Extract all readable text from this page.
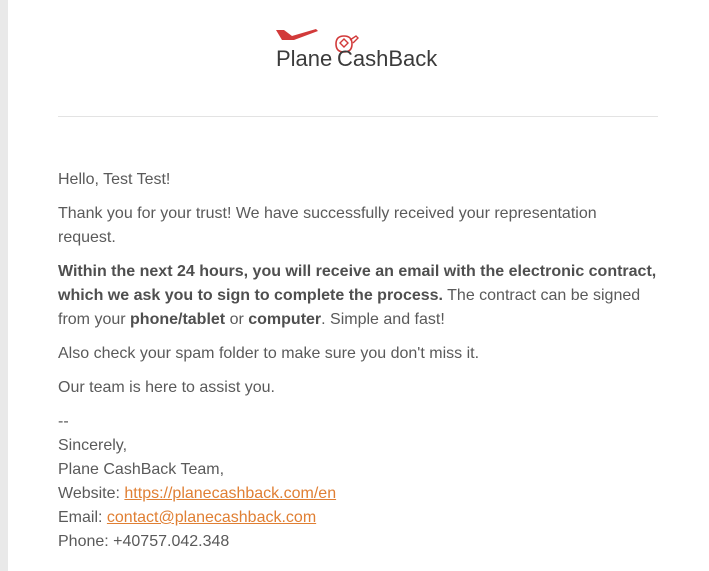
Plane CashBack

Hello, Test Test!

Thank you for your trust! We have successfully received your representation request.

Within the next 24 hours, you will receive an email with the electronic contract, which we ask you to sign to complete the process. The contract can be signed from your phone/tablet or computer. Simple and fast!

Also check your spam folder to make sure you don't miss it.

Our team is here to assist you.

--
Sincerely,
Plane CashBack Team,
Website: https://planecashback.com/en
Email: contact@planecashback.com
Phone: +40757.042.348
